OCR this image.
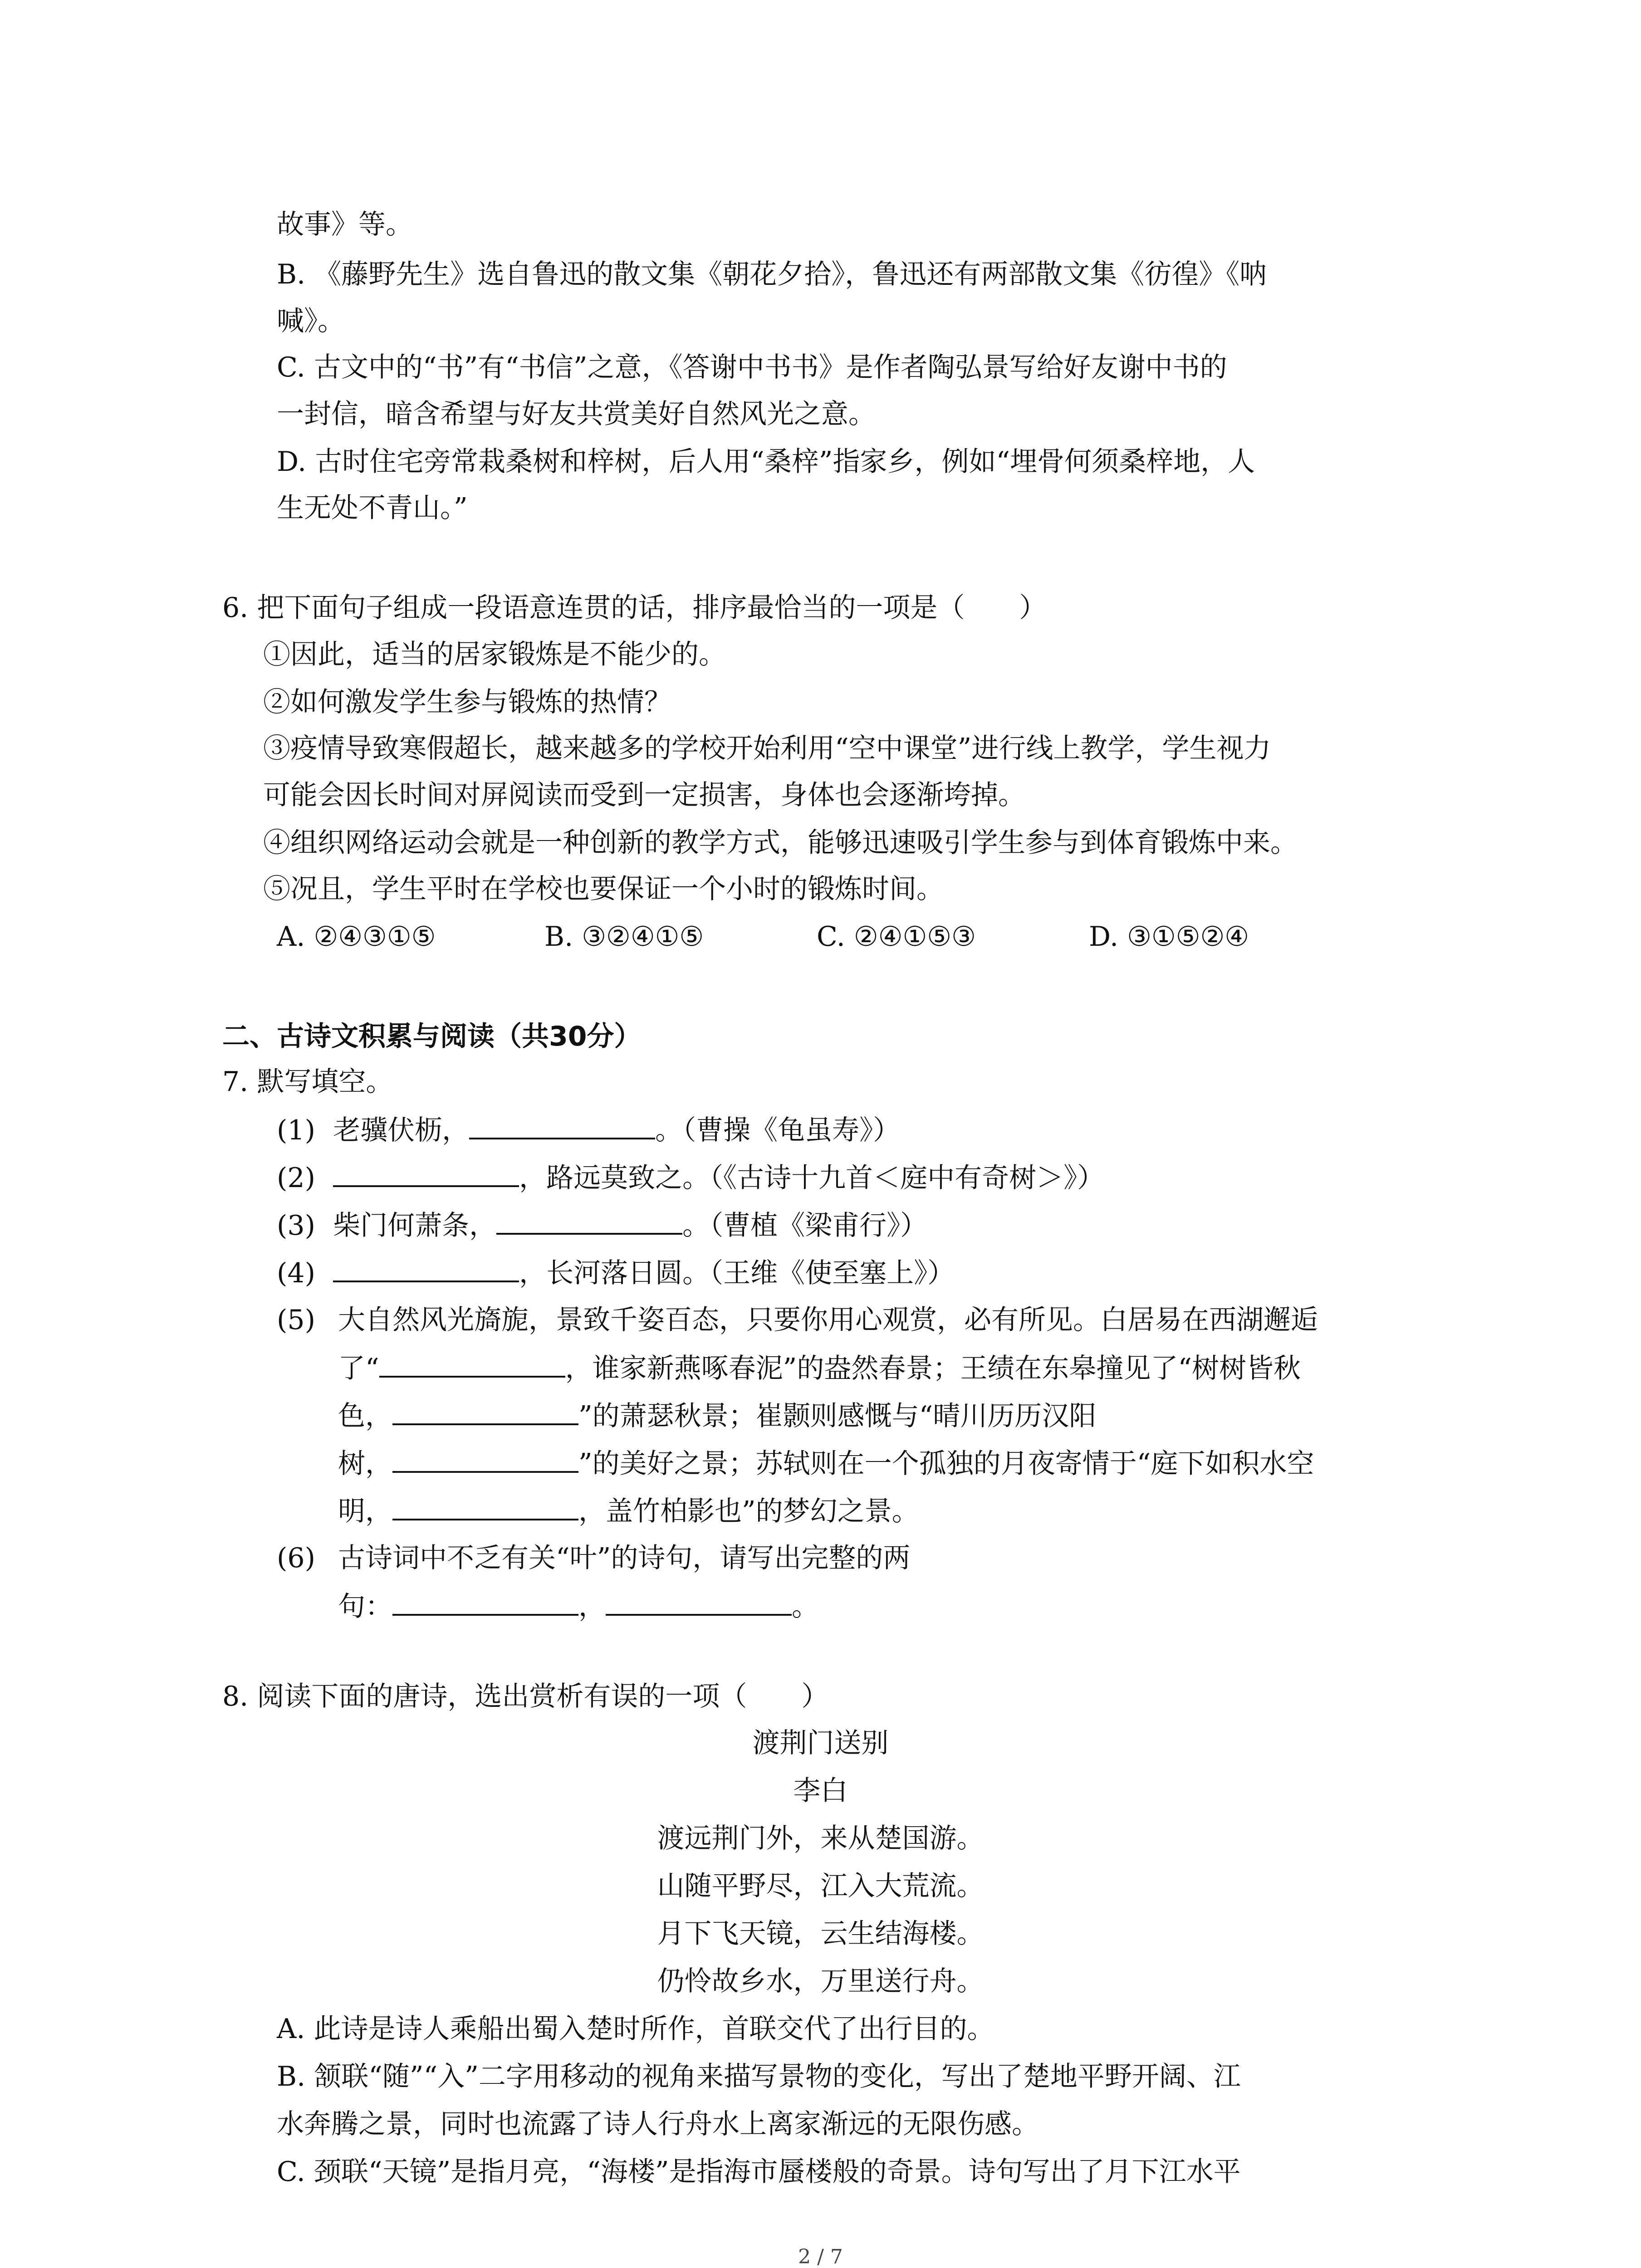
故事》等。
B. 《藤野先生》选自鲁迅的散文集《朝花夕拾》，鲁迅还有两部散文集《彷徨》《呐
喊》。
C. 古文中的“书”有“书信”之意，《答谢中书书》是作者陶弘景写给好友谢中书的
一封信，暗含希望与好友共赏美好自然风光之意。
D. 古时住宅旁常栽桑树和梓树，后人用“桑梓”指家乡，例如“埋骨何须桑梓地，人
生无处不青山。”
6. 把下面句子组成一段语意连贯的话，排序最恰当的一项是（　　）
①因此，适当的居家锻炼是不能少的。
②如何激发学生参与锻炼的热情？
③疫情导致寒假超长，越来越多的学校开始利用“空中课堂”进行线上教学，学生视力
可能会因长时间对屏阅读而受到一定损害，身体也会逐渐垮掉。
④组织网络运动会就是一种创新的教学方式，能够迅速吸引学生参与到体育锻炼中来。
⑤况且，学生平时在学校也要保证一个小时的锻炼时间。
A. ②④③①⑤	B. ③②④①⑤	C. ②④①⑤③	D. ③①⑤②④
二、古诗文积累与阅读（共30分）
7. 默写填空。
(1) 老骥伏枥，	。（曹操《龟虽寿》）
(2)	，路远莫致之。（《古诗十九首＜庭中有奇树＞》）
(3) 柴门何萧条，	。（曹植《梁甫行》）
(4)	，长河落日圆。（王维《使至塞上》）
(5) 大自然风光旖旎，景致千姿百态，只要你用心观赏，必有所见。白居易在西湖邂逅
了“	，谁家新燕啄春泥”的盎然春景；王绩在东皋撞见了“树树皆秋
色，	”的萧瑟秋景；崔颢则感慨与“晴川历历汉阳
树，	”的美好之景；苏轼则在一个孤独的月夜寄情于“庭下如积水空
明，	，盖竹柏影也”的梦幻之景。
(6) 古诗词中不乏有关“叶”的诗句，请写出完整的两
句：	，	。
8. 阅读下面的唐诗，选出赏析有误的一项（　　）
渡荆门送别
李白
渡远荆门外，来从楚国游。
山随平野尽，江入大荒流。
月下飞天镜，云生结海楼。
仍怜故乡水，万里送行舟。
A. 此诗是诗人乘船出蜀入楚时所作，首联交代了出行目的。
B. 颔联“随”“入”二字用移动的视角来描写景物的变化，写出了楚地平野开阔、江
水奔腾之景，同时也流露了诗人行舟水上离家渐远的无限伤感。
C. 颈联“天镜”是指月亮，“海楼”是指海市蜃楼般的奇景。诗句写出了月下江水平
2 / 7
